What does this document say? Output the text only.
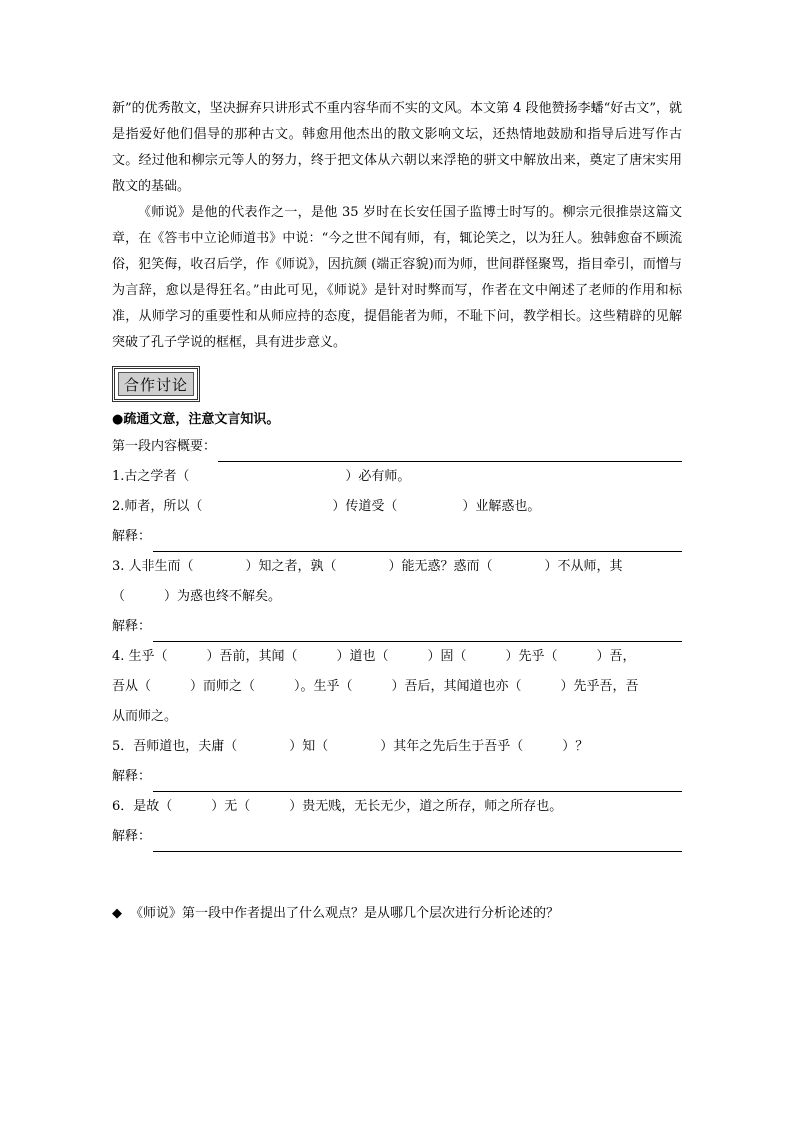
新”的优秀散文，坚决摒弃只讲形式不重内容华而不实的文风。本文第 4 段他赞扬李蟠“好古文”，就是指爱好他们倡导的那种古文。韩愈用他杰出的散文影响文坛，还热情地鼓励和指导后进写作古文。经过他和柳宗元等人的努力，终于把文体从六朝以来浮艳的骈文中解放出来，奠定了唐宋实用散文的基础。

《师说》是他的代表作之一，是他 35 岁时在长安任国子监博士时写的。柳宗元很推崇这篇文章，在《答韦中立论师道书》中说：“今之世不闻有师，有，辄论笑之，以为狂人。独韩愈奋不顾流俗，犯笑侮，收召后学，作《师说》，因抗颜 (端正容貌)而为师，世间群怪聚骂，指目牵引，而憎与为言辞，愈以是得狂名。”由此可见，《师说》是针对时弊而写，作者在文中阐述了老师的作用和标准，从师学习的重要性和从师应持的态度，提倡能者为师，不耻下问，教学相长。这些精辟的见解突破了孔子学说的框框，具有进步意义。

合作讨论

●疏通文意，注意文言知识。

第一段内容概要：

1.古之学者（　　　　　　　　　　　　）必有师。

2.师者，所以（　　　　　　　　　　）传道受（　　　　　）业解惑也。

解释：

3. 人非生而（　　　　）知之者，孰（　　　　）能无惑？惑而（　　　　）不从师，其

（　　　）为惑也终不解矣。

解释：

4. 生乎（　　　）吾前，其闻（　　　）道也（　　　）固（　　　）先乎（　　　）吾，

吾从（　　　）而师之（　　　）。生乎（　　　）吾后，其闻道也亦（　　　）先乎吾，吾

从而师之。

5．吾师道也，夫庸（　　　　）知（　　　　）其年之先后生于吾乎（　　　）？

解释：

6．是故（　　　）无（　　　）贵无贱，无长无少，道之所存，师之所存也。

解释：

◆ 《师说》第一段中作者提出了什么观点？是从哪几个层次进行分析论述的？
